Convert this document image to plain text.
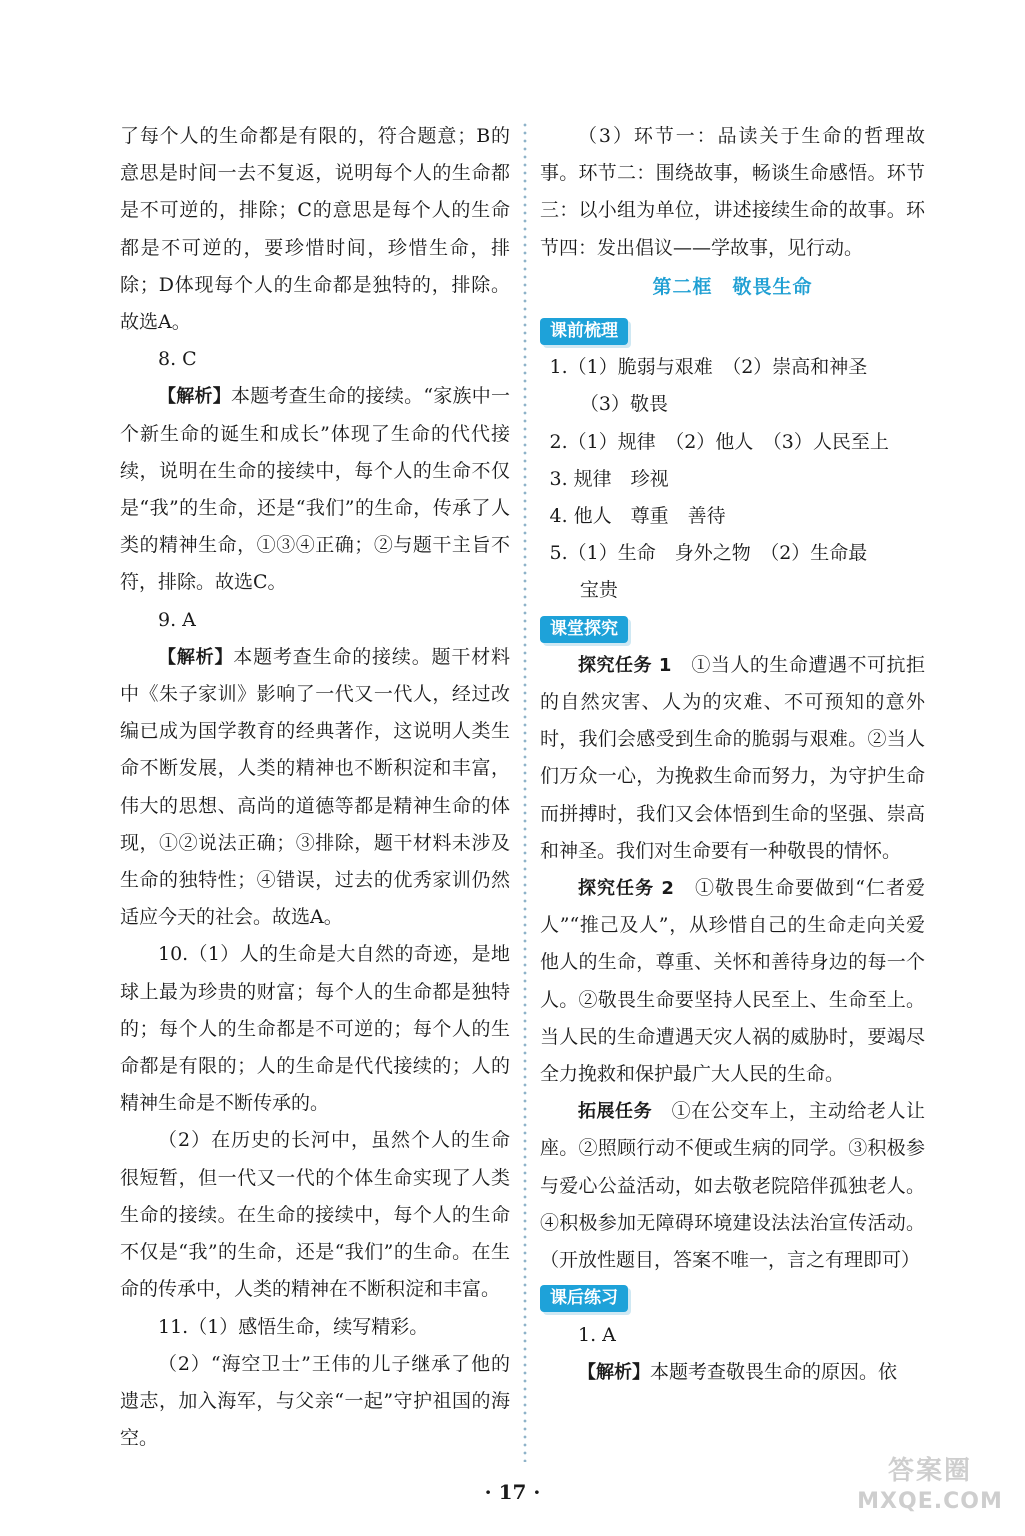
了每个人的生命都是有限的，符合题意；B的意思是时间一去不复返，说明每个人的生命都是不可逆的，排除；C的意思是每个人的生命都是不可逆的，要珍惜时间，珍惜生命，排除；D体现每个人的生命都是独特的，排除。故选A。

8. C

【解析】本题考查生命的接续。“家族中一个新生命的诞生和成长”体现了生命的代代接续，说明在生命的接续中，每个人的生命不仅是“我”的生命，还是“我们”的生命，传承了人类的精神生命，①③④正确；②与题干主旨不符，排除。故选C。

9. A

【解析】本题考查生命的接续。题干材料中《朱子家训》影响了一代又一代人，经过改编已成为国学教育的经典著作，这说明人类生命不断发展，人类的精神也不断积淀和丰富，伟大的思想、高尚的道德等都是精神生命的体现，①②说法正确；③排除，题干材料未涉及生命的独特性；④错误，过去的优秀家训仍然适应今天的社会。故选A。

10.（1）人的生命是大自然的奇迹，是地球上最为珍贵的财富；每个人的生命都是独特的；每个人的生命都是不可逆的；每个人的生命都是有限的；人的生命是代代接续的；人的精神生命是不断传承的。

（2）在历史的长河中，虽然个人的生命很短暂，但一代又一代的个体生命实现了人类生命的接续。在生命的接续中，每个人的生命不仅是“我”的生命，还是“我们”的生命。在生命的传承中，人类的精神在不断积淀和丰富。

11.（1）感悟生命，续写精彩。

（2）“海空卫士”王伟的儿子继承了他的遗志，加入海军，与父亲“一起”守护祖国的海空。

（3）环节一：品读关于生命的哲理故事。环节二：围绕故事，畅谈生命感悟。环节三：以小组为单位，讲述接续生命的故事。环节四：发出倡议——学故事，见行动。

第二框　敬畏生命
课前梳理

1.（1）脆弱与艰难　（2）崇高和神圣

（3）敬畏

2.（1）规律　（2）他人　（3）人民至上

3. 规律　珍视

4. 他人　尊重　善待

5.（1）生命　身外之物　（2）生命最

宝贵

课堂探究

探究任务 1　 ①当人的生命遭遇不可抗拒的自然灾害、人为的灾难、不可预知的意外时，我们会感受到生命的脆弱与艰难。②当人们万众一心，为挽救生命而努力，为守护生命而拼搏时，我们又会体悟到生命的坚强、崇高和神圣。我们对生命要有一种敬畏的情怀。

探究任务 2　 ①敬畏生命要做到“仁者爱人”“推己及人”，从珍惜自己的生命走向关爱他人的生命，尊重、关怀和善待身边的每一个人。②敬畏生命要坚持人民至上、生命至上。当人民的生命遭遇天灾人祸的威胁时，要竭尽全力挽救和保护最广大人民的生命。

拓展任务　 ①在公交车上，主动给老人让座。②照顾行动不便或生病的同学。③积极参与爱心公益活动，如去敬老院陪伴孤独老人。④积极参加无障碍环境建设法法治宣传活动。（开放性题目，答案不唯一，言之有理即可）

课后练习

1. A

【解析】本题考查敬畏生命的原因。依

· 17 ·
答案圈
MXQE.COM
